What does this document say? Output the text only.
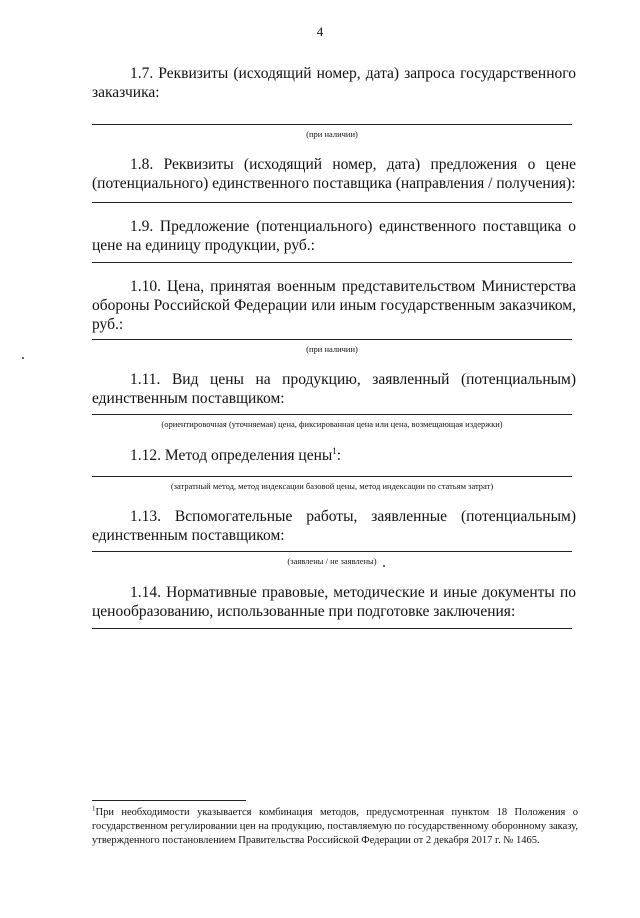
4

1.7. Реквизиты (исходящий номер, дата) запроса государственного заказчика:

(при наличии)

1.8. Реквизиты (исходящий номер, дата) предложения о цене (потенциального) единственного поставщика (направления / получения):

1.9. Предложение (потенциального) единственного поставщика о цене на единицу продукции, руб.:

1.10. Цена, принятая военным представительством Министерства обороны Российской Федерации или иным государственным заказчиком, руб.:

(при наличии)

1.11. Вид цены на продукцию, заявленный (потенциальным) единственным поставщиком:

(ориентировочная (уточняемая) цена, фиксированная цена или цена, возмещающая издержки)

1.12. Метод определения цены$^1$:

(затратный метод, метод индексации базовой цены, метод индексации по статьям затрат)

1.13. Вспомогательные работы, заявленные (потенциальным) единственным поставщиком:

(заявлены / не заявлены)

1.14. Нормативные правовые, методические и иные документы по ценообразованию, использованные при подготовке заключения:

$^1$При необходимости указывается комбинация методов, предусмотренная пунктом 18 Положения о государственном регулировании цен на продукцию, поставляемую по государственному оборонному заказу, утвержденного постановлением Правительства Российской Федерации от 2 декабря 2017 г. № 1465.
